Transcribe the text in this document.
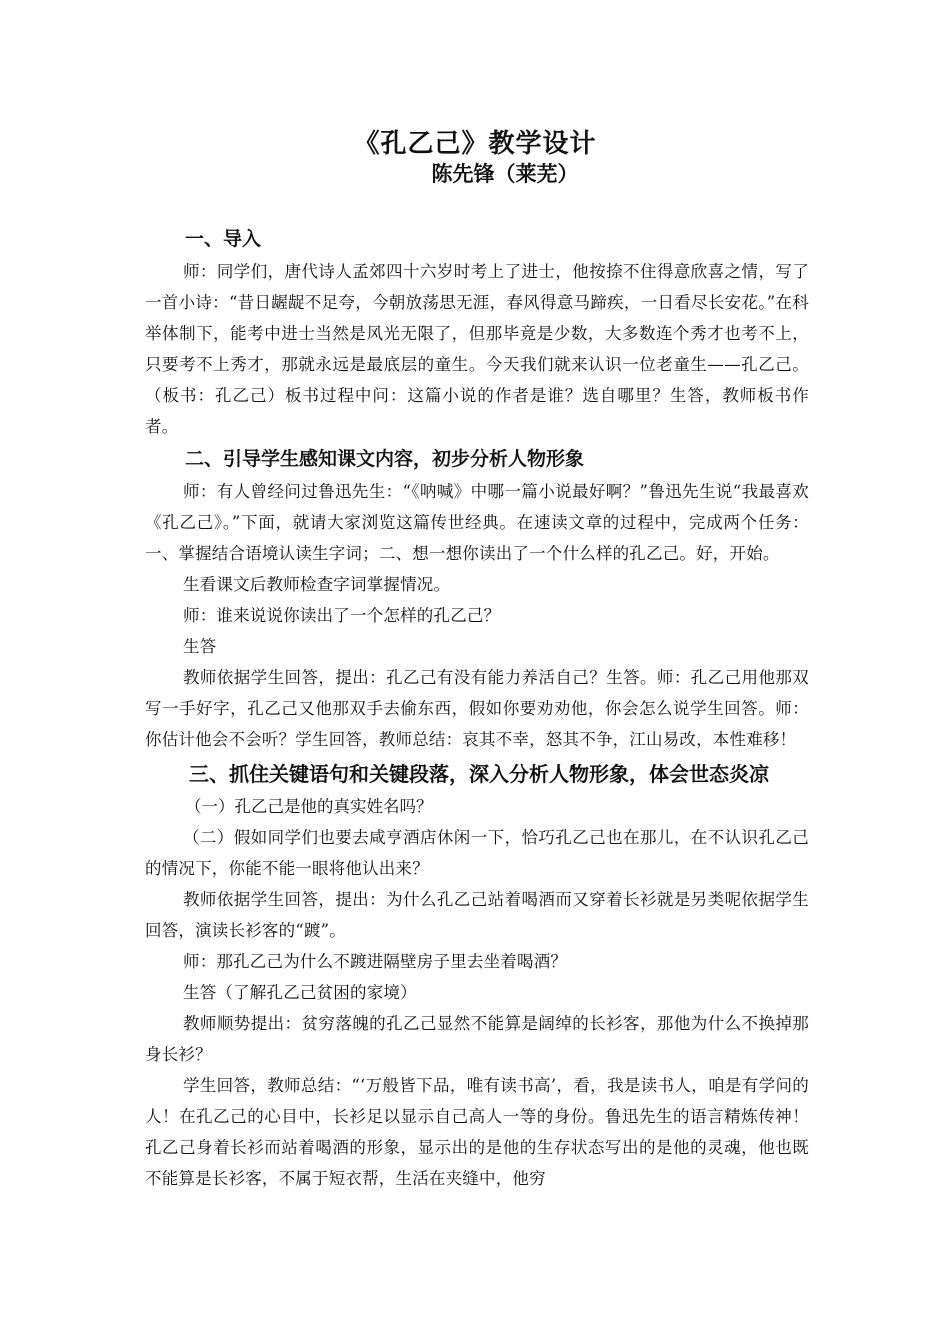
《孔乙己》教学设计
陈先锋（莱芜）

一、导入

师：同学们，唐代诗人孟郊四十六岁时考上了进士，他按捺不住得意欣喜之情，写了一首小诗：“昔日龌龊不足夸，今朝放荡思无涯，春风得意马蹄疾，一日看尽长安花。”在科举体制下，能考中进士当然是风光无限了，但那毕竟是少数，大多数连个秀才也考不上，只要考不上秀才，那就永远是最底层的童生。今天我们就来认识一位老童生——孔乙己。（板书：孔乙己）板书过程中问：这篇小说的作者是谁？选自哪里？生答，教师板书作者。

二、引导学生感知课文内容，初步分析人物形象

师：有人曾经问过鲁迅先生：“《呐喊》中哪一篇小说最好啊？”鲁迅先生说“我最喜欢《孔乙己》。”下面，就请大家浏览这篇传世经典。在速读文章的过程中，完成两个任务：一、掌握结合语境认读生字词；二、想一想你读出了一个什么样的孔乙己。好，开始。

生看课文后教师检查字词掌握情况。

师：谁来说说你读出了一个怎样的孔乙己？

生答

教师依据学生回答，提出：孔乙己有没有能力养活自己？生答。师：孔乙己用他那双写一手好字，孔乙己又他那双手去偷东西，假如你要劝劝他，你会怎么说学生回答。师：你估计他会不会听？学生回答，教师总结：哀其不幸，怒其不争，江山易改，本性难移！

三、抓住关键语句和关键段落，深入分析人物形象，体会世态炎凉

（一）孔乙己是他的真实姓名吗？

（二）假如同学们也要去咸亨酒店休闲一下，恰巧孔乙己也在那儿，在不认识孔乙己的情况下，你能不能一眼将他认出来？

教师依据学生回答，提出：为什么孔乙己站着喝酒而又穿着长衫就是另类呢依据学生回答，演读长衫客的“踱”。

师：那孔乙己为什么不踱进隔壁房子里去坐着喝酒？

生答（了解孔乙己贫困的家境）

教师顺势提出：贫穷落魄的孔乙己显然不能算是阔绰的长衫客，那他为什么不换掉那身长衫？

学生回答，教师总结：“‘万般皆下品，唯有读书高’，看，我是读书人，咱是有学问的人！在孔乙己的心目中，长衫足以显示自己高人一等的身份。鲁迅先生的语言精炼传神！孔乙己身着长衫而站着喝酒的形象，显示出的是他的生存状态写出的是他的灵魂，他也既不能算是长衫客，不属于短衣帮，生活在夹缝中，他穷
